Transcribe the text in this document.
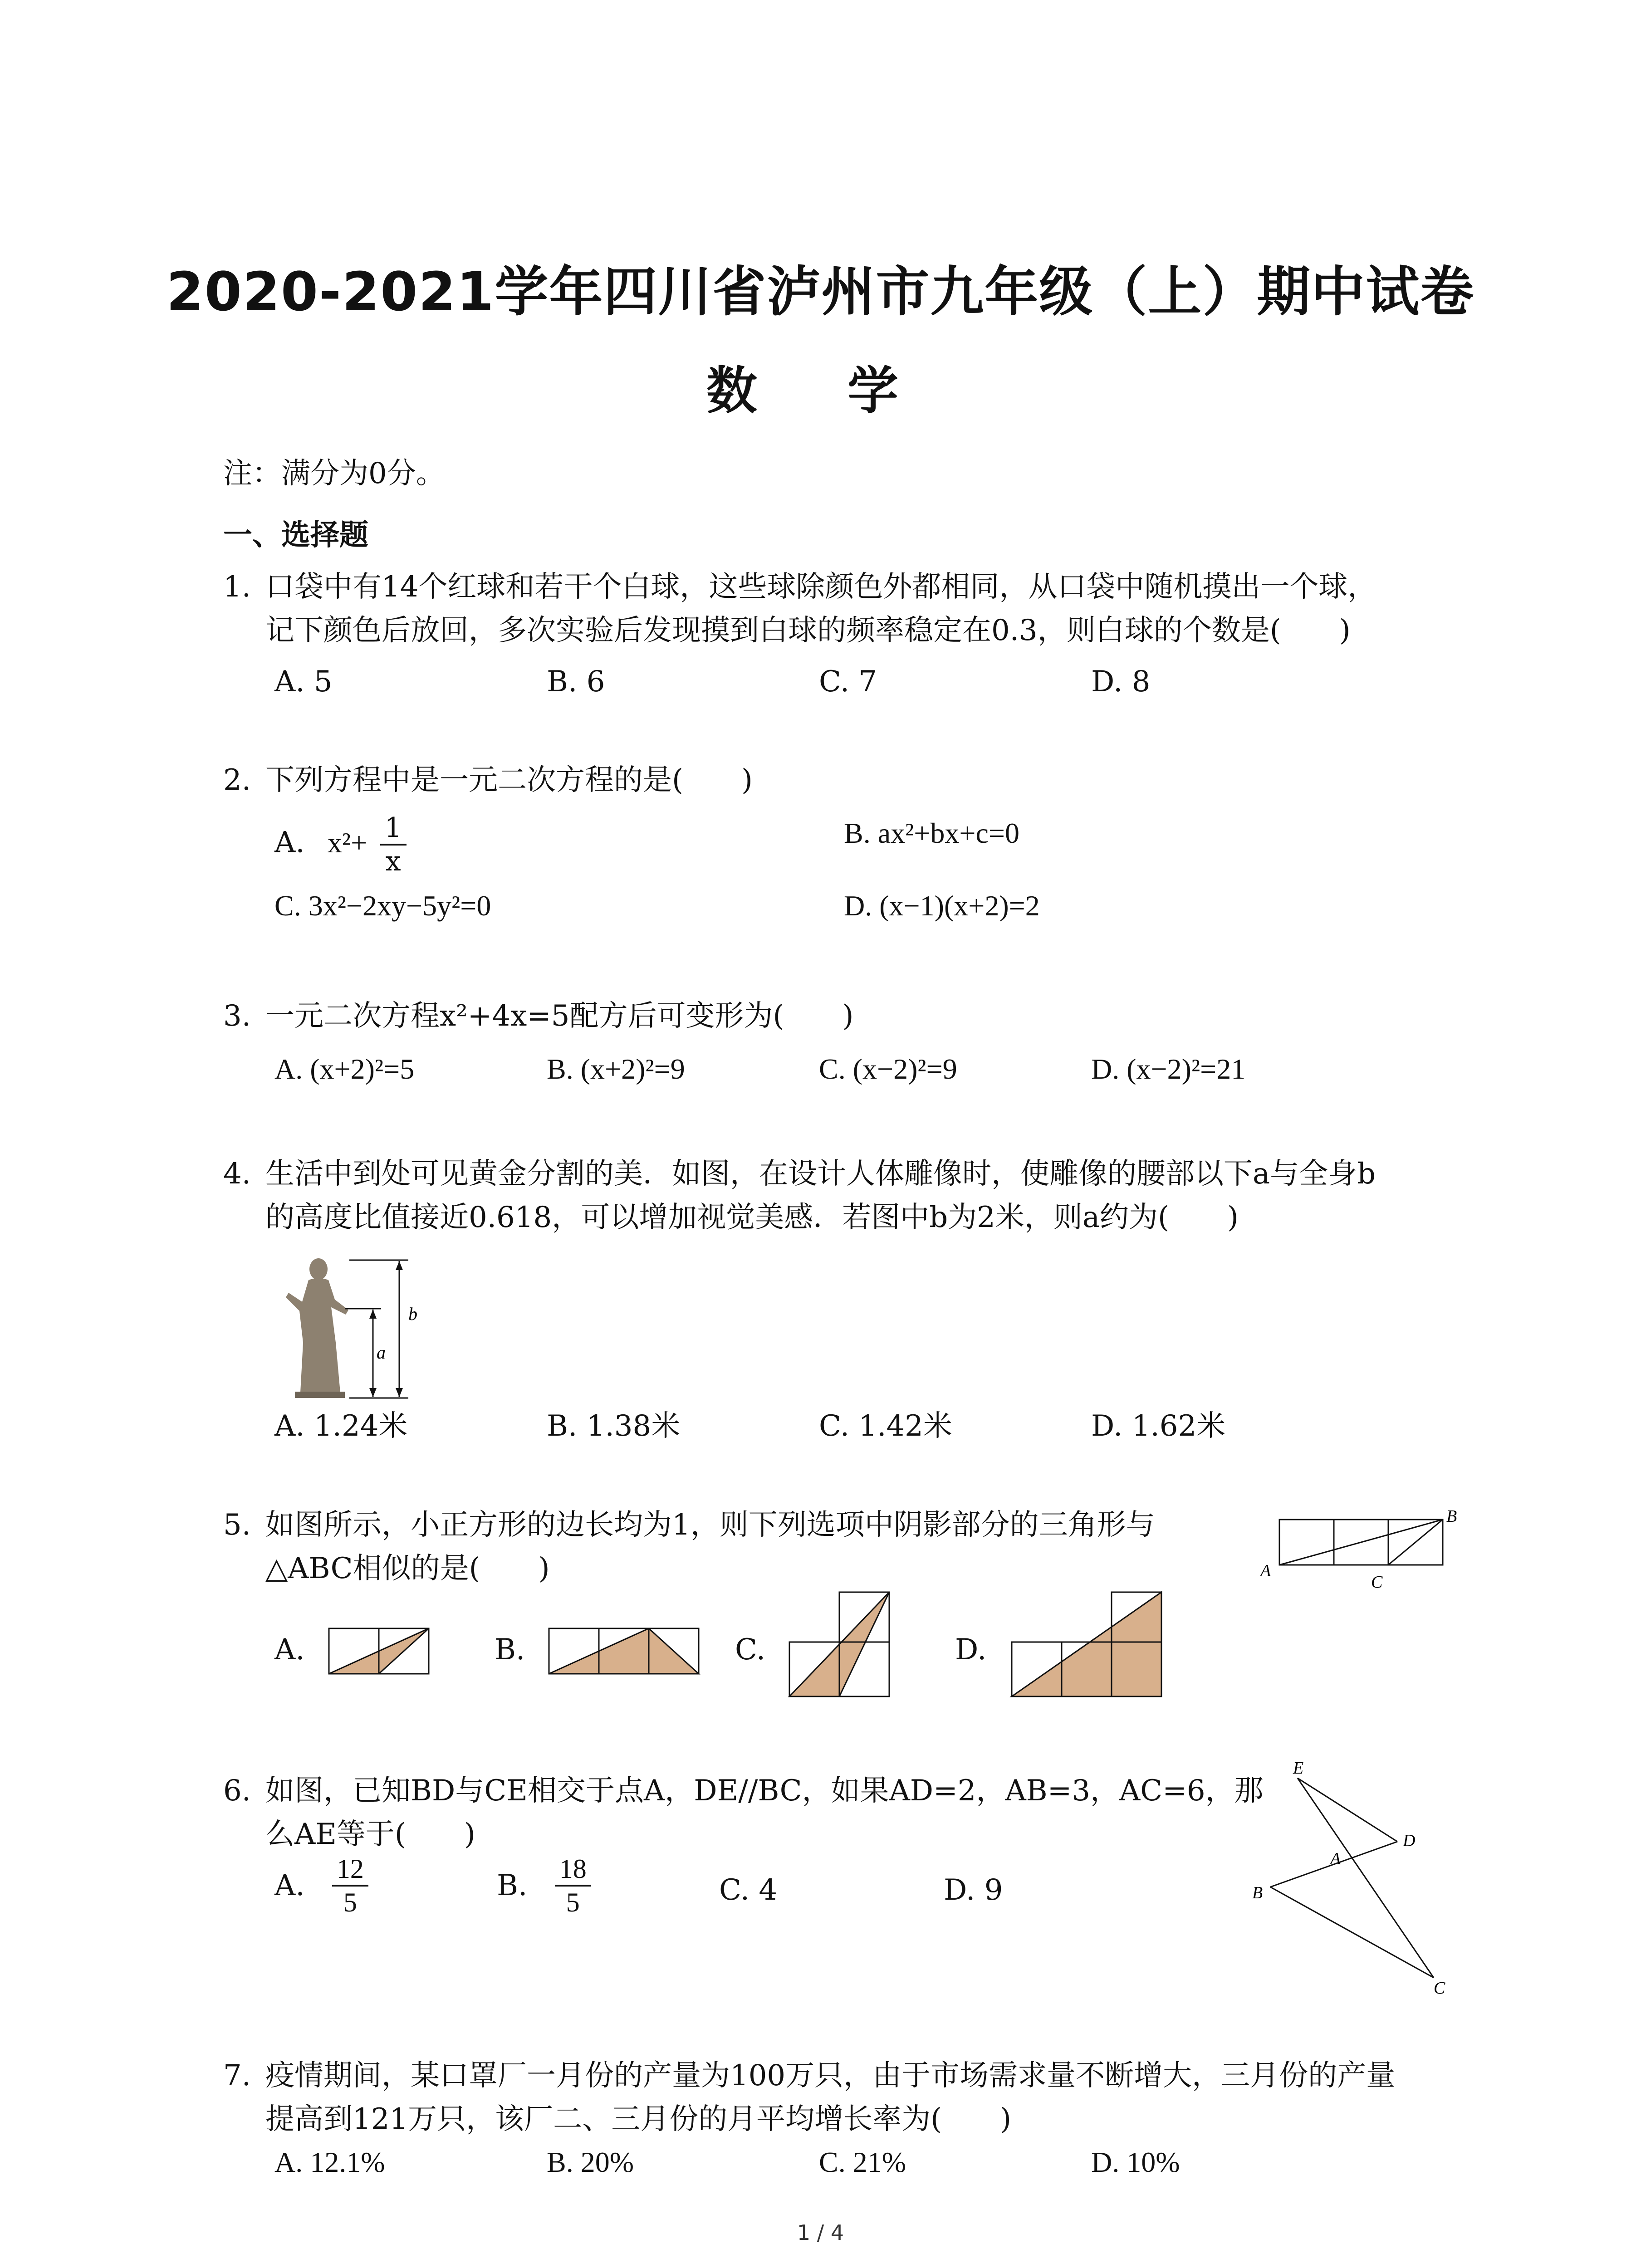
2020-2021学年四川省泸州市九年级（上）期中试卷
数 学
注：满分为0分。
一、选择题
1. 口袋中有14个红球和若干个白球，这些球除颜色外都相同，从口袋中随机摸出一个球，
记下颜色后放回，多次实验后发现摸到白球的频率稳定在0.3，则白球的个数是(　　)
A. 5	B. 6	C. 7	D. 8
2. 下列方程中是一元二次方程的是(　　)
A. $x^2+ \frac{1}{x}$	B. ax²+bx+c=0
C. 3x²−2xy−5y²=0	D. (x−1)(x+2)=2
3. 一元二次方程x²+4x=5配方后可变形为(　　)
A. (x+2)²=5	B. (x+2)²=9	C. (x−2)²=9	D. (x−2)²=21
4. 生活中到处可见黄金分割的美．如图，在设计人体雕像时，使雕像的腰部以下a与全身b
的高度比值接近0.618，可以增加视觉美感．若图中b为2米，则a约为(　　)
b
a
A. 1.24米	B. 1.38米	C. 1.42米	D. 1.62米
5. 如图所示，小正方形的边长均为1，则下列选项中阴影部分的三角形与
△ABC相似的是(　　)	A
B
C
A.	B.	C.	D.
6. 如图，已知BD与CE相交于点A，DE//BC，如果AD=2，AB=3，AC=6，那
么AE等于(　　)
E
D
A
B
C
A. $\frac{12}{5}$	B. $\frac{18}{5}$	C. 4	D. 9
7. 疫情期间，某口罩厂一月份的产量为100万只，由于市场需求量不断增大，三月份的产量
提高到121万只，该厂二、三月份的月平均增长率为(　　)
A. 12.1%	B. 20%	C. 21%	D. 10%
1 / 4
